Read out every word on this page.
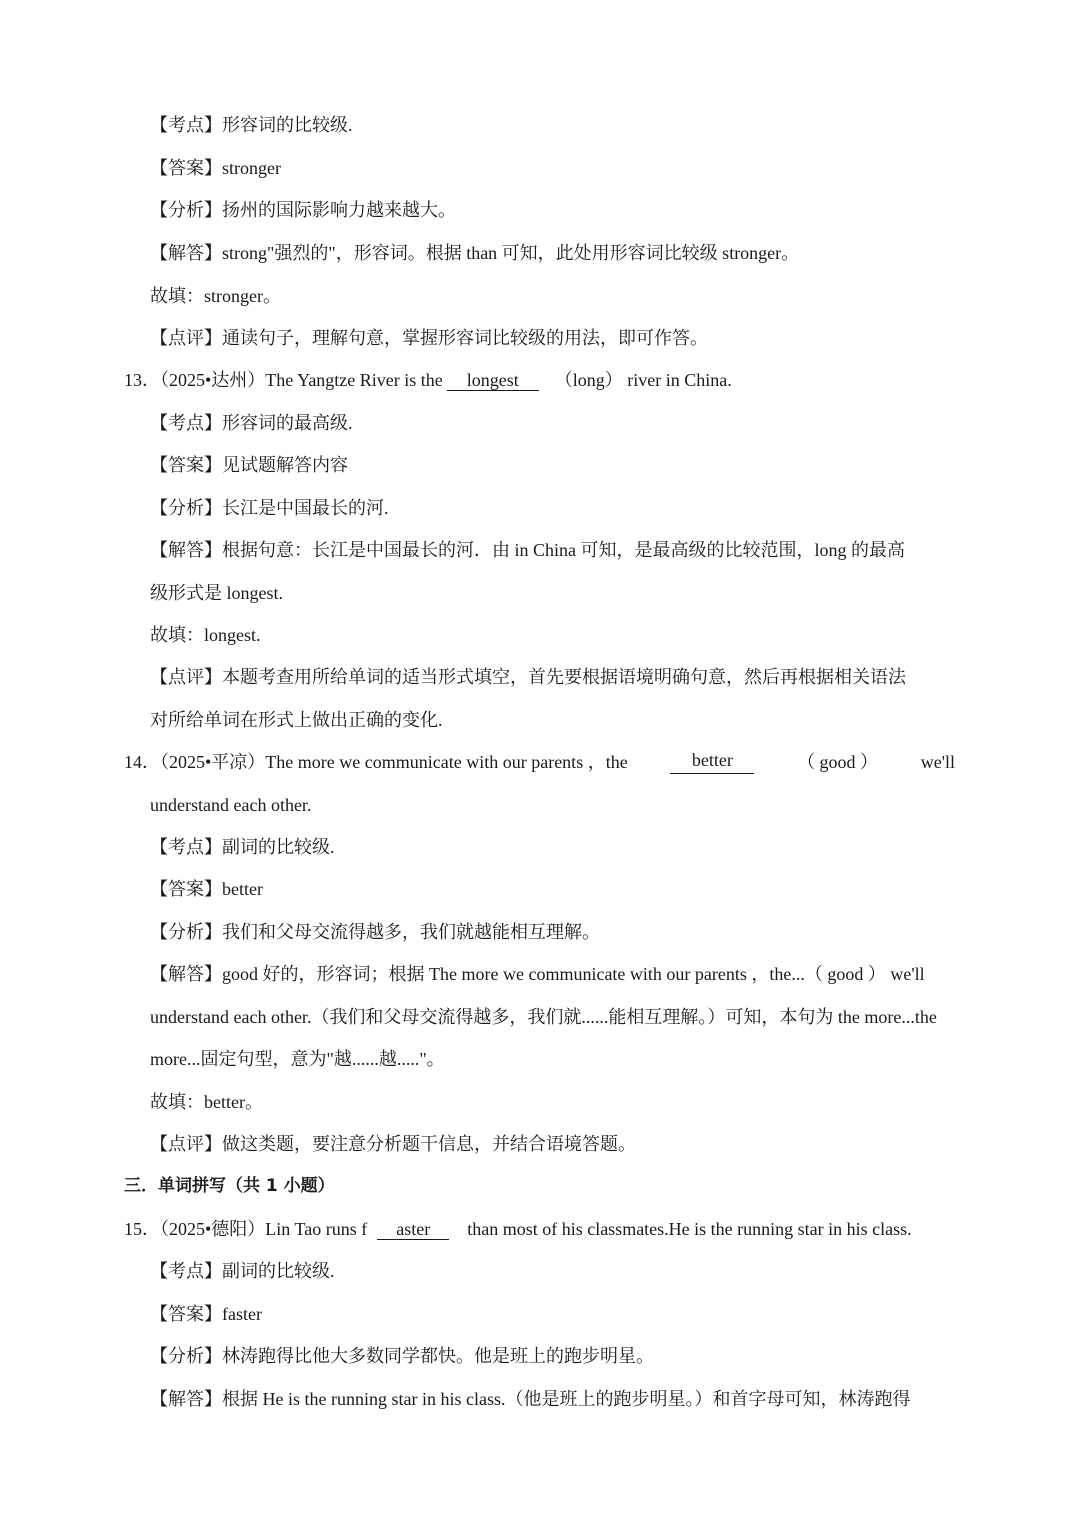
【考点】形容词的比较级.
【答案】stronger
【分析】扬州的国际影响力越来越大。
【解答】strong"强烈的"，形容词。根据 than 可知，此处用形容词比较级 stronger。
故填：stronger。
【点评】通读句子，理解句意，掌握形容词比较级的用法，即可作答。
13．（2025•达州）The Yangtze River is the longest （long） river in China.
【考点】形容词的最高级.
【答案】见试题解答内容
【分析】长江是中国最长的河.
【解答】根据句意：长江是中国最长的河．由 in China 可知，是最高级的比较范围，long 的最高
级形式是 longest.
故填：longest.
【点评】本题考查用所给单词的适当形式填空，首先要根据语境明确句意，然后再根据相关语法
对所给单词在形式上做出正确的变化.
14．（2025•平凉）The more we communicate with our parents ，the	better	（ good ） we'll
understand each other.
【考点】副词的比较级.
【答案】better
【分析】我们和父母交流得越多，我们就越能相互理解。
【解答】good 好的，形容词；根据 The more we communicate with our parents ，the...（ good ） we'll
understand each other.（我们和父母交流得越多，我们就......能相互理解。）可知，本句为 the more...the
more...固定句型，意为"越......越....."。
故填：better。
【点评】做这类题，要注意分析题干信息，并结合语境答题。
三．单词拼写（共 1 小题）
15．（2025•德阳）Lin Tao runs f aster than most of his classmates.He is the running star in his class.
【考点】副词的比较级.
【答案】faster
【分析】林涛跑得比他大多数同学都快。他是班上的跑步明星。
【解答】根据 He is the running star in his class.（他是班上的跑步明星。）和首字母可知，林涛跑得
